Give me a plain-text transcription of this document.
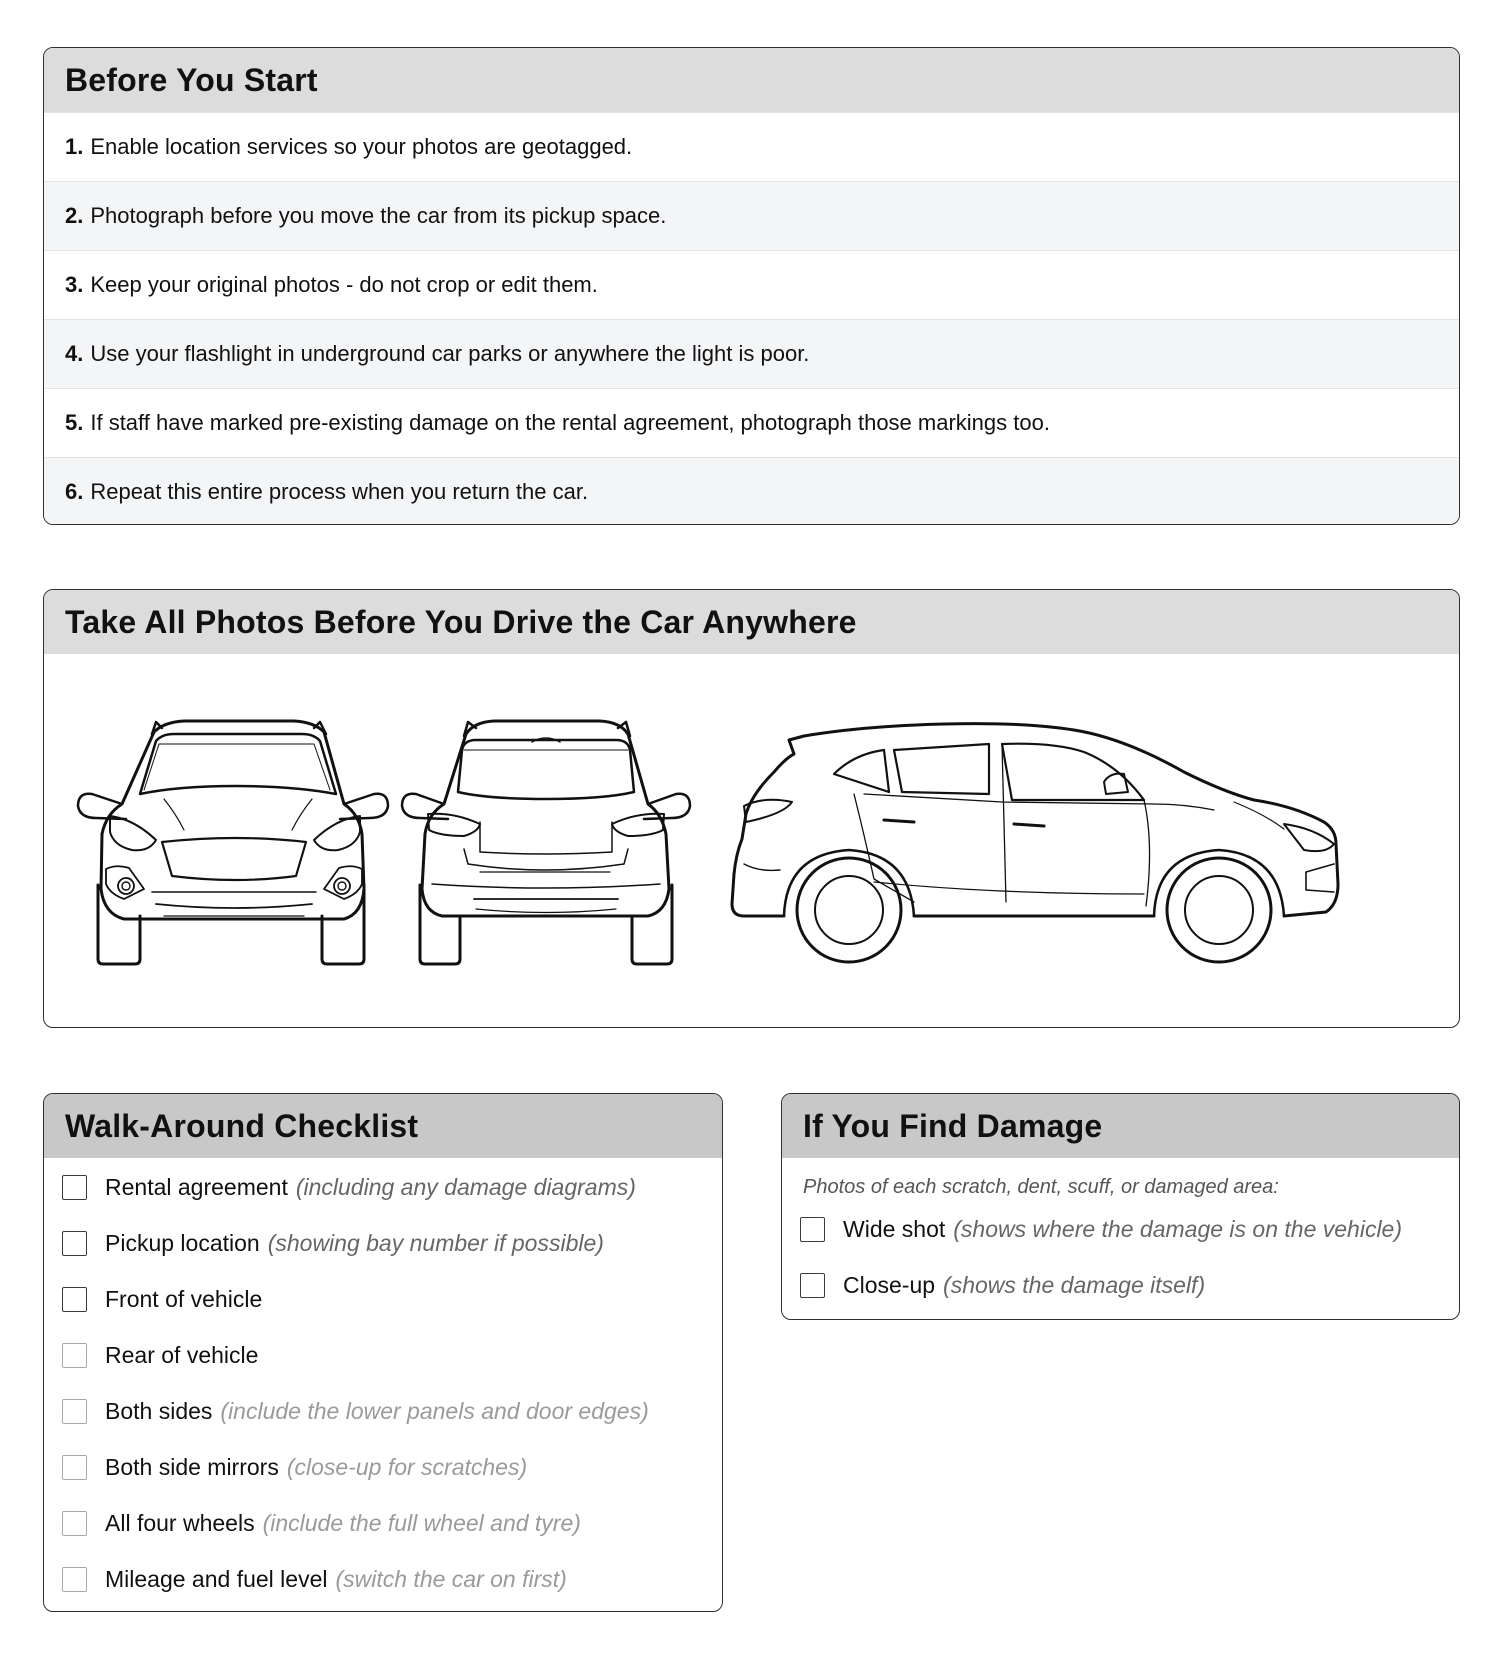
Before You Start
1. Enable location services so your photos are geotagged.
2. Photograph before you move the car from its pickup space.
3. Keep your original photos - do not crop or edit them.
4. Use your flashlight in underground car parks or anywhere the light is poor.
5. If staff have marked pre-existing damage on the rental agreement, photograph those markings too.
6. Repeat this entire process when you return the car.
Take All Photos Before You Drive the Car Anywhere
Walk-Around Checklist
Rental agreement (including any damage diagrams)
Pickup location (showing bay number if possible)
Front of vehicle
Rear of vehicle
Both sides (include the lower panels and door edges)
Both side mirrors (close-up for scratches)
All four wheels (include the full wheel and tyre)
Mileage and fuel level (switch the car on first)
If You Find Damage
Photos of each scratch, dent, scuff, or damaged area:
Wide shot (shows where the damage is on the vehicle)
Close-up (shows the damage itself)
